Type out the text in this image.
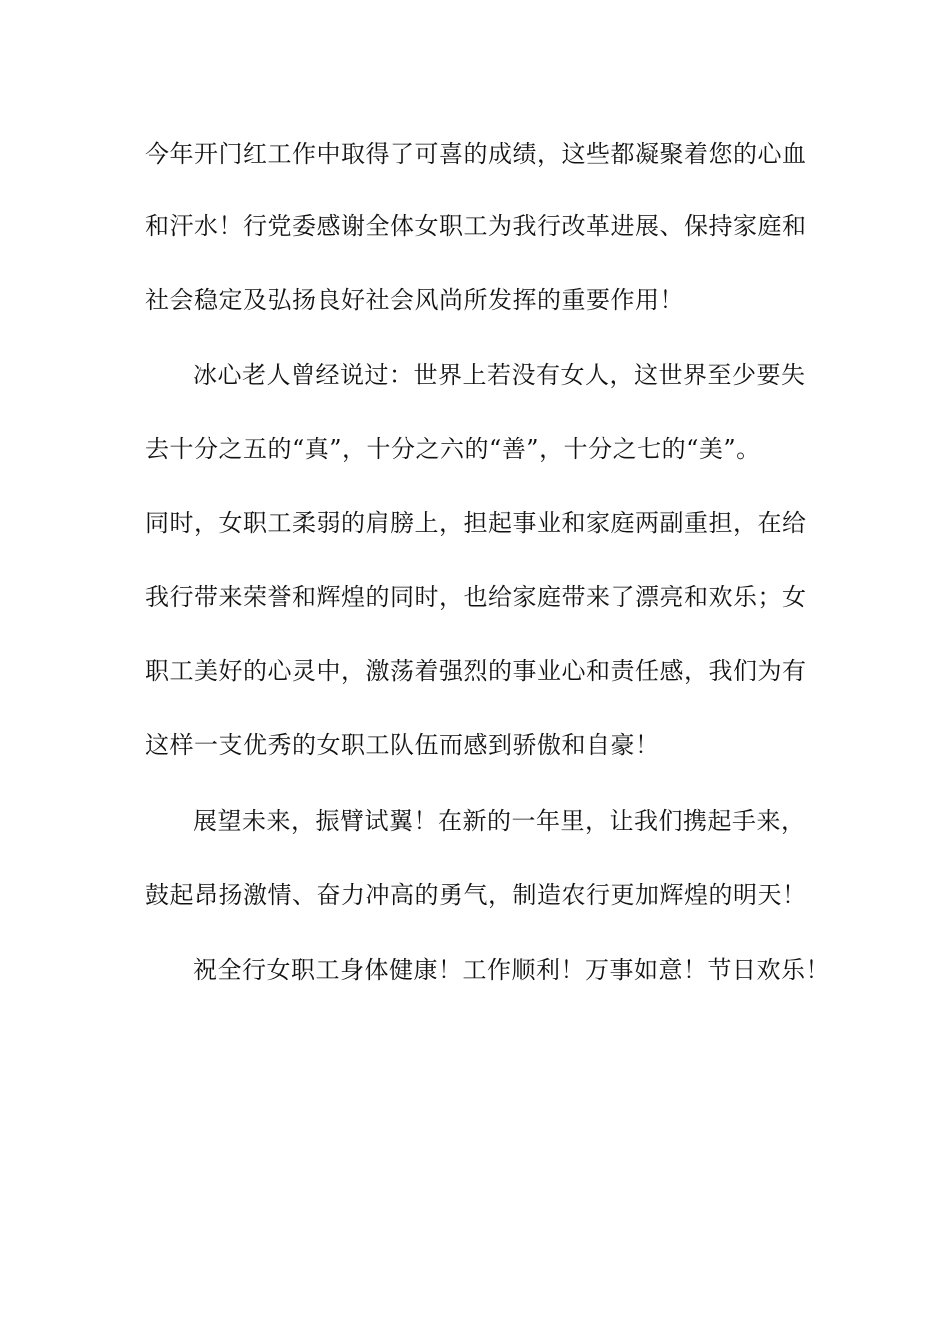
今年开门红工作中取得了可喜的成绩，这些都凝聚着您的心血
和汗水！行党委感谢全体女职工为我行改革进展、保持家庭和
社会稳定及弘扬良好社会风尚所发挥的重要作用！
冰心老人曾经说过：世界上若没有女人，这世界至少要失
去十分之五的“真”，十分之六的“善”，十分之七的“美”。
同时，女职工柔弱的肩膀上，担起事业和家庭两副重担，在给
我行带来荣誉和辉煌的同时，也给家庭带来了漂亮和欢乐；女
职工美好的心灵中，激荡着强烈的事业心和责任感，我们为有
这样一支优秀的女职工队伍而感到骄傲和自豪！
展望未来，振臂试翼！在新的一年里，让我们携起手来，
鼓起昂扬激情、奋力冲高的勇气，制造农行更加辉煌的明天！
祝全行女职工身体健康！工作顺利！万事如意！节日欢乐！
